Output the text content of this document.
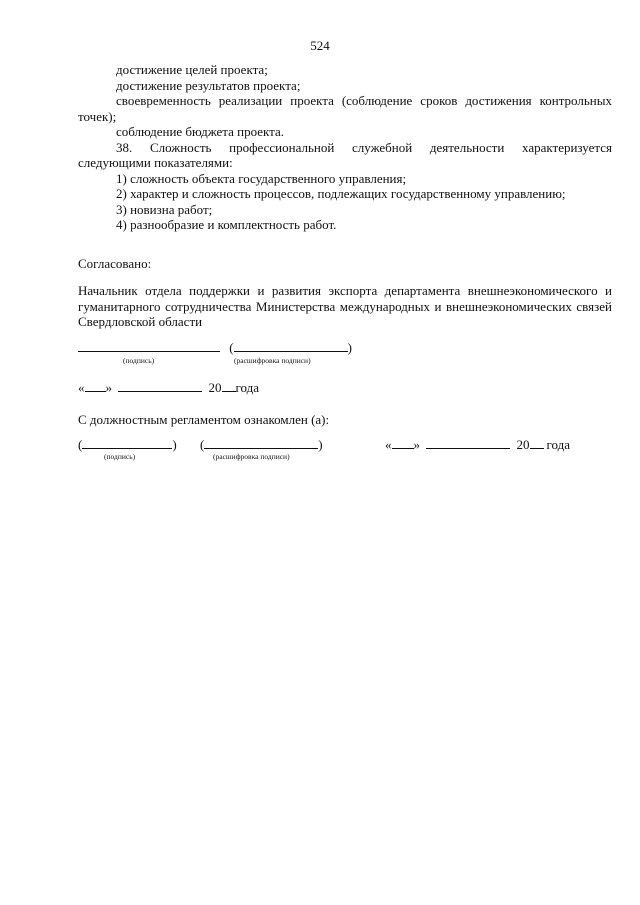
524

достижение целей проекта;

достижение результатов проекта;

своевременность реализации проекта (соблюдение сроков достижения контрольных точек);

соблюдение бюджета проекта.

38. Сложность профессиональной служебной деятельности характеризуется следующими показателями:

1) сложность объекта государственного управления;

2) характер и сложность процессов, подлежащих государственному управлению;

3) новизна работ;

4) разнообразие и комплектность работ.

Согласовано:

Начальник отдела поддержки и развития экспорта департамента внешнеэкономического и гуманитарного сотрудничества Министерства международных и внешнеэкономических связей Свердловской области

(	)
(подпись)	(расшифровка подписи)
« »	20 года
С должностным регламентом ознакомлен (а):
(	) (	)
(подпись)	(расшифровка подписи)
« »	20 года
